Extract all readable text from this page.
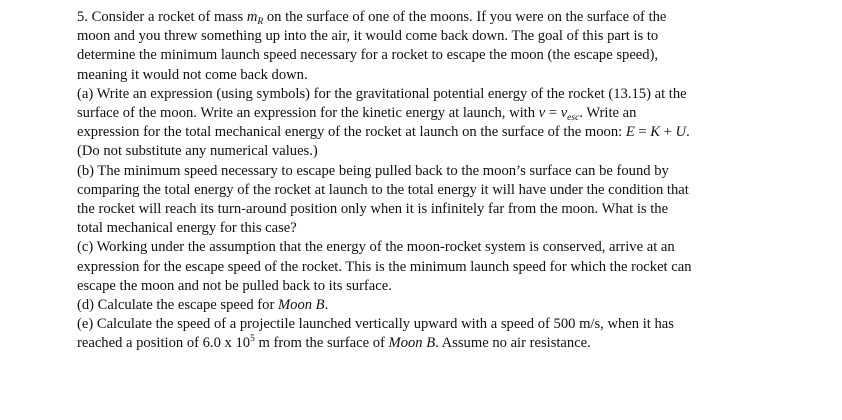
5. Consider a rocket of mass $m_R$ on the surface of one of the moons. If you were on the surface of the
moon and you threw something up into the air, it would come back down. The goal of this part is to
determine the minimum launch speed necessary for a rocket to escape the moon (the escape speed),
meaning it would not come back down.
(a) Write an expression (using symbols) for the gravitational potential energy of the rocket (13.15) at the
surface of the moon. Write an expression for the kinetic energy at launch, with $v = v_{esc}$. Write an
expression for the total mechanical energy of the rocket at launch on the surface of the moon: E = K + U.
(Do not substitute any numerical values.)
(b) The minimum speed necessary to escape being pulled back to the moon’s surface can be found by
comparing the total energy of the rocket at launch to the total energy it will have under the condition that
the rocket will reach its turn-around position only when it is infinitely far from the moon. What is the
total mechanical energy for this case?
(c) Working under the assumption that the energy of the moon-rocket system is conserved, arrive at an
expression for the escape speed of the rocket. This is the minimum launch speed for which the rocket can
escape the moon and not be pulled back to its surface.
(d) Calculate the escape speed for Moon B.
(e) Calculate the speed of a projectile launched vertically upward with a speed of 500 m/s, when it has
reached a position of 6.0 x $10^5$ m from the surface of Moon B. Assume no air resistance.
